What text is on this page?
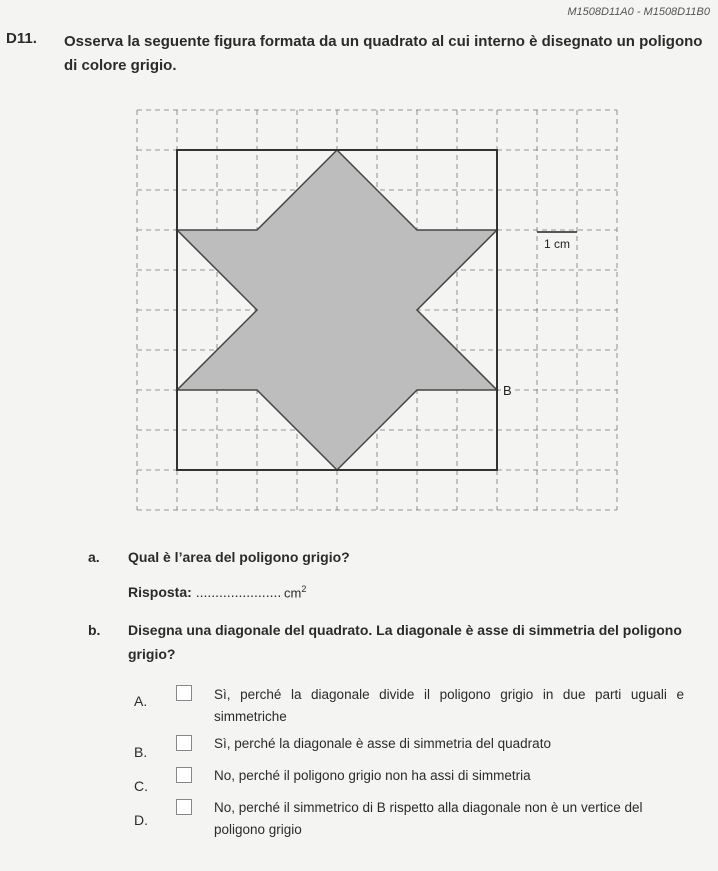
M1508D11A0 - M1508D11B0
D11. Osserva la seguente figura formata da un quadrato al cui interno è disegnato un poligono di colore grigio.
1 cm
B
a. Qual è l’area del poligono grigio?
Risposta: ...................... $cm^2$
b. Disegna una diagonale del quadrato. La diagonale è asse di simmetria del poligono grigio?
A.	Sì, perché la diagonale divide il poligono grigio in due parti uguali e simmetriche
B.
Sì, perché la diagonale è asse di simmetria del quadrato
C.
No, perché il poligono grigio non ha assi di simmetria
D.
No, perché il simmetrico di B rispetto alla diagonale non è un vertice del poligono grigio
